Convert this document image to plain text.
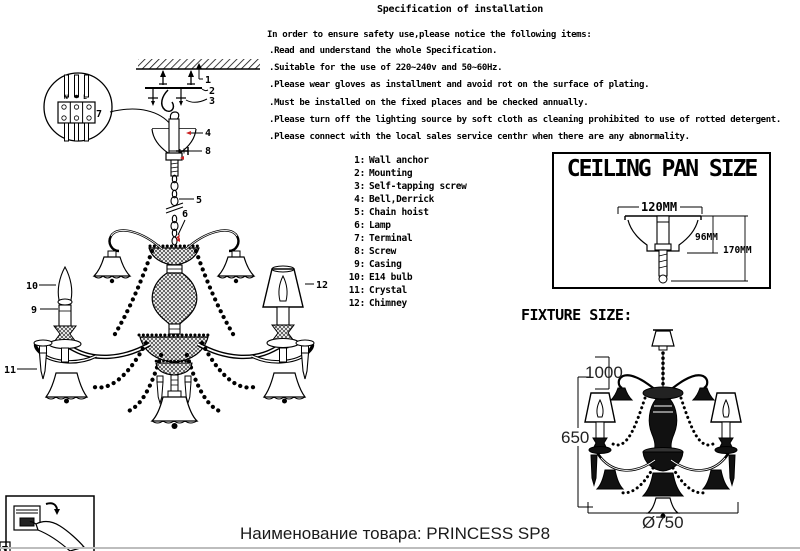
Specification of installation
In order to ensure safety use,please notice the following items:
.Read and understand the whole Specification.
.Suitable for the use of 220~240v and 50~60Hz.
.Please wear gloves as installment and avoid rot on the surface of plating.
.Must be installed on the fixed places and be checked annually.
.Please turn off the lighting source by soft cloth as cleaning prohibited to use of rotted detergent.
.Please connect with the local sales service centhr when there are any abnormality.
1: Wall anchor
2: Mounting
3: Self-tapping screw
4: Bell,Derrick
5: Chain hoist
6: Lamp
7: Terminal
8: Screw
9: Casing
10: E14 bulb
11: Crystal
12: Chimney
CEILING PAN SIZE
120MM
96MM
170MM
FIXTURE SIZE:
1000
650
Ø750
1
2
3
N L
7
4
8
5
6
10
9
11
12
Наименование товара: PRINCESS SP8
